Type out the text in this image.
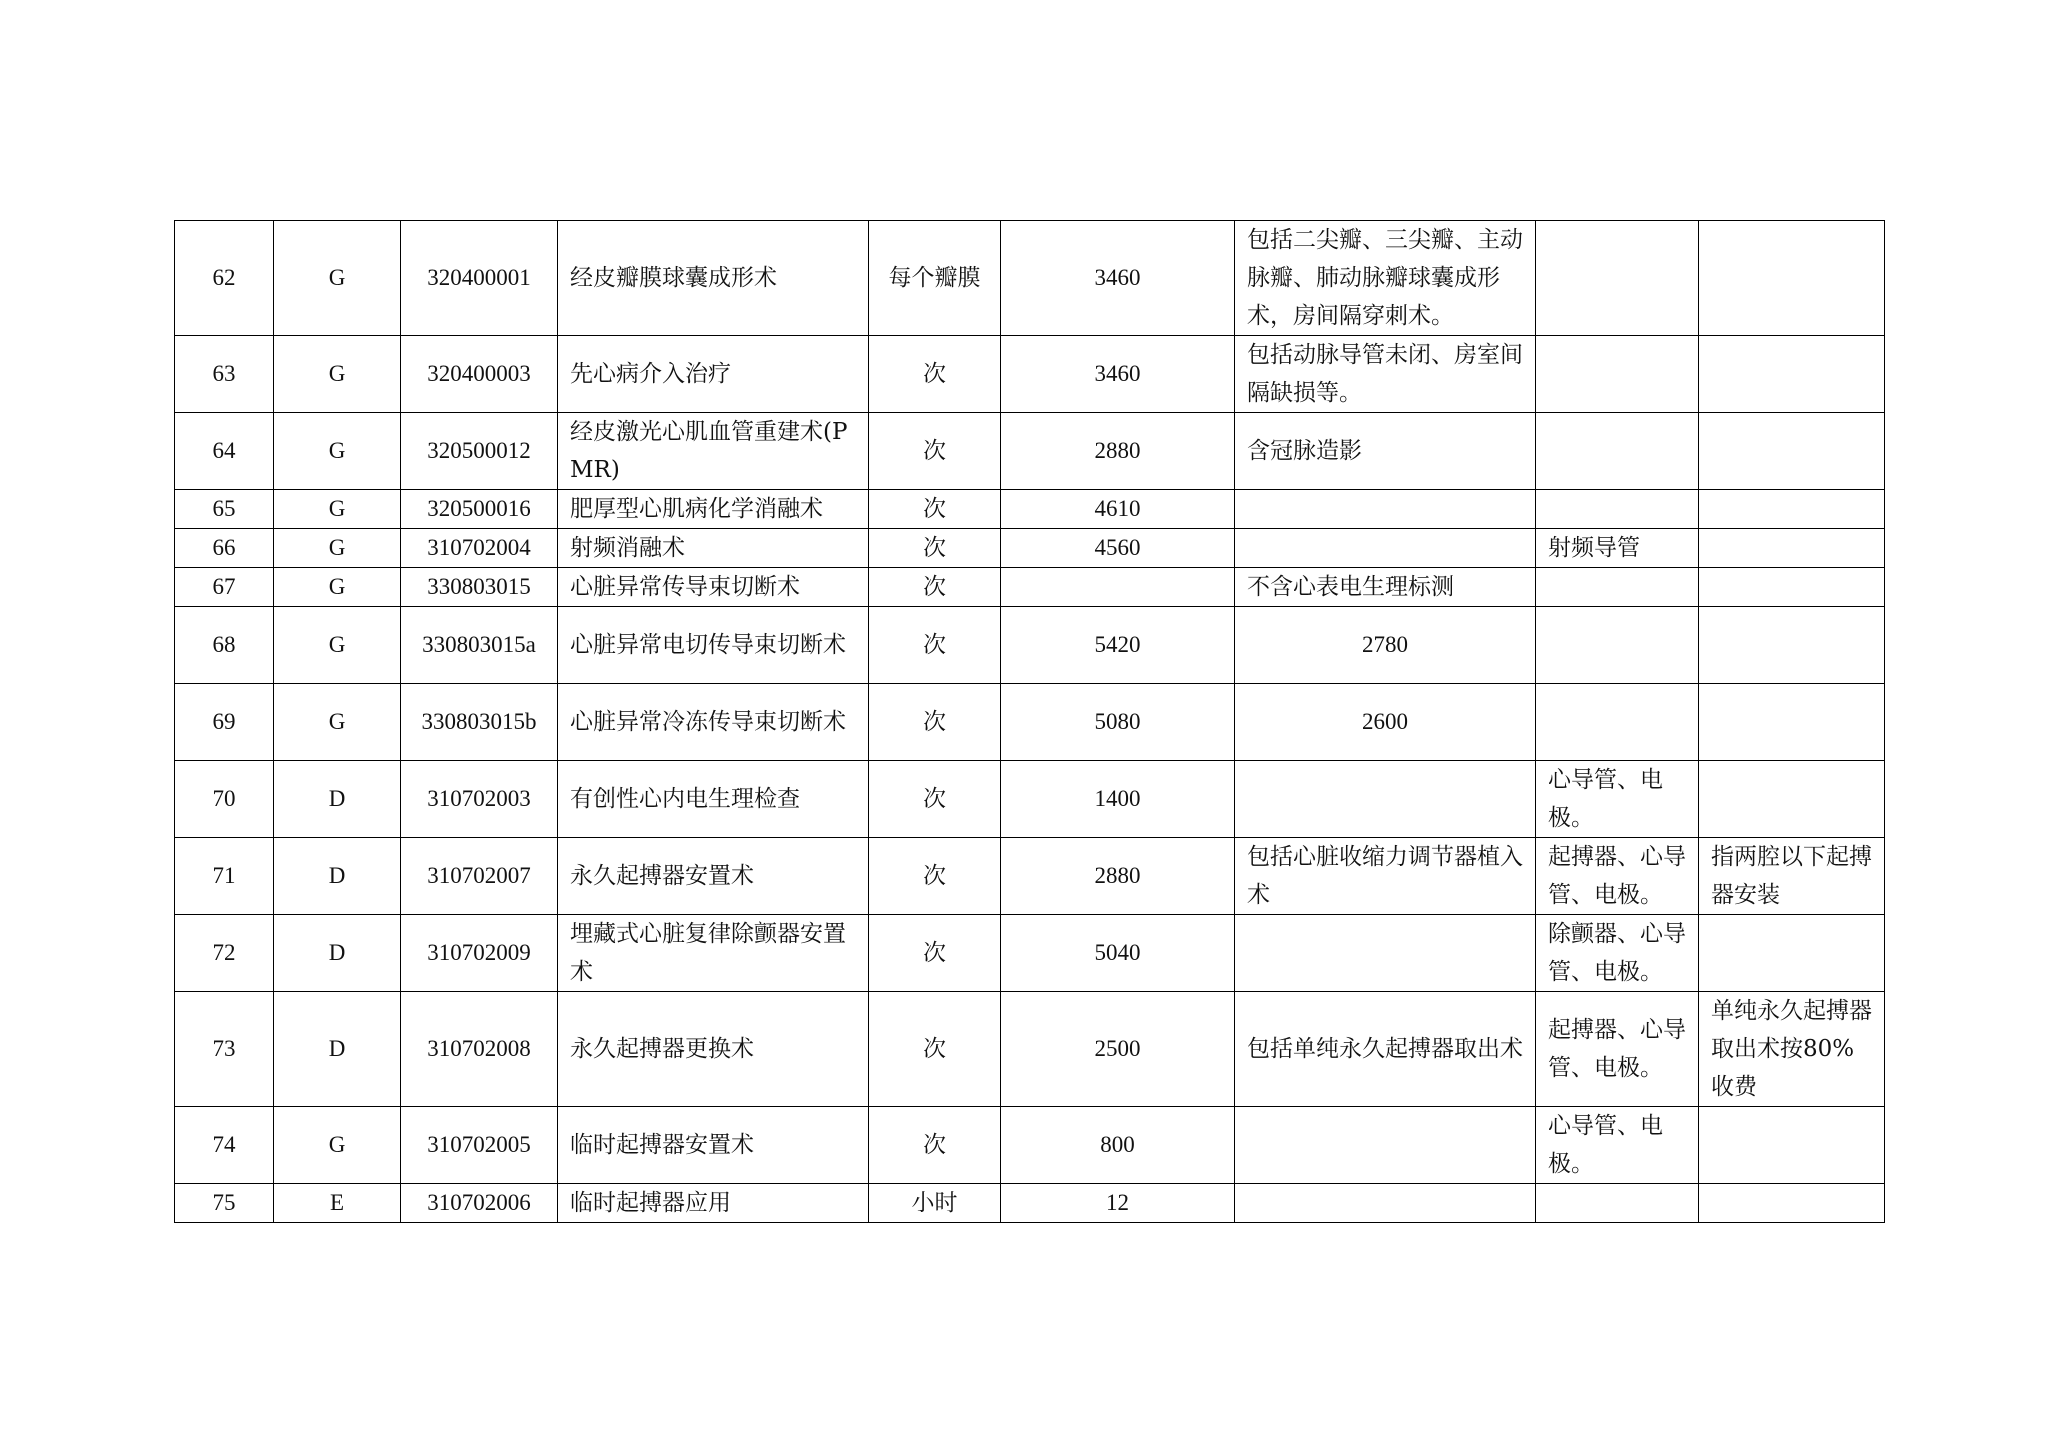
62	G	320400001	经皮瓣膜球囊成形术	每个瓣膜	3460	包括二尖瓣、三尖瓣、主动脉瓣、肺动脉瓣球囊成形术，房间隔穿刺术。		
63	G	320400003	先心病介入治疗	次	3460	包括动脉导管未闭、房室间隔缺损等。		
64	G	320500012	经皮激光心肌血管重建术(PMR)	次	2880	含冠脉造影		
65	G	320500016	肥厚型心肌病化学消融术	次	4610			
66	G	310702004	射频消融术	次	4560		射频导管	
67	G	330803015	心脏异常传导束切断术	次		不含心表电生理标测		
68	G	330803015a	心脏异常电切传导束切断术	次	5420	2780		
69	G	330803015b	心脏异常冷冻传导束切断术	次	5080	2600		
70	D	310702003	有创性心内电生理检查	次	1400		心导管、电极。	
71	D	310702007	永久起搏器安置术	次	2880	包括心脏收缩力调节器植入术	起搏器、心导管、电极。	指两腔以下起搏器安装
72	D	310702009	埋藏式心脏复律除颤器安置术	次	5040		除颤器、心导管、电极。	
73	D	310702008	永久起搏器更换术	次	2500	包括单纯永久起搏器取出术	起搏器、心导管、电极。	单纯永久起搏器取出术按80%收费
74	G	310702005	临时起搏器安置术	次	800		心导管、电极。	
75	E	310702006	临时起搏器应用	小时	12			
